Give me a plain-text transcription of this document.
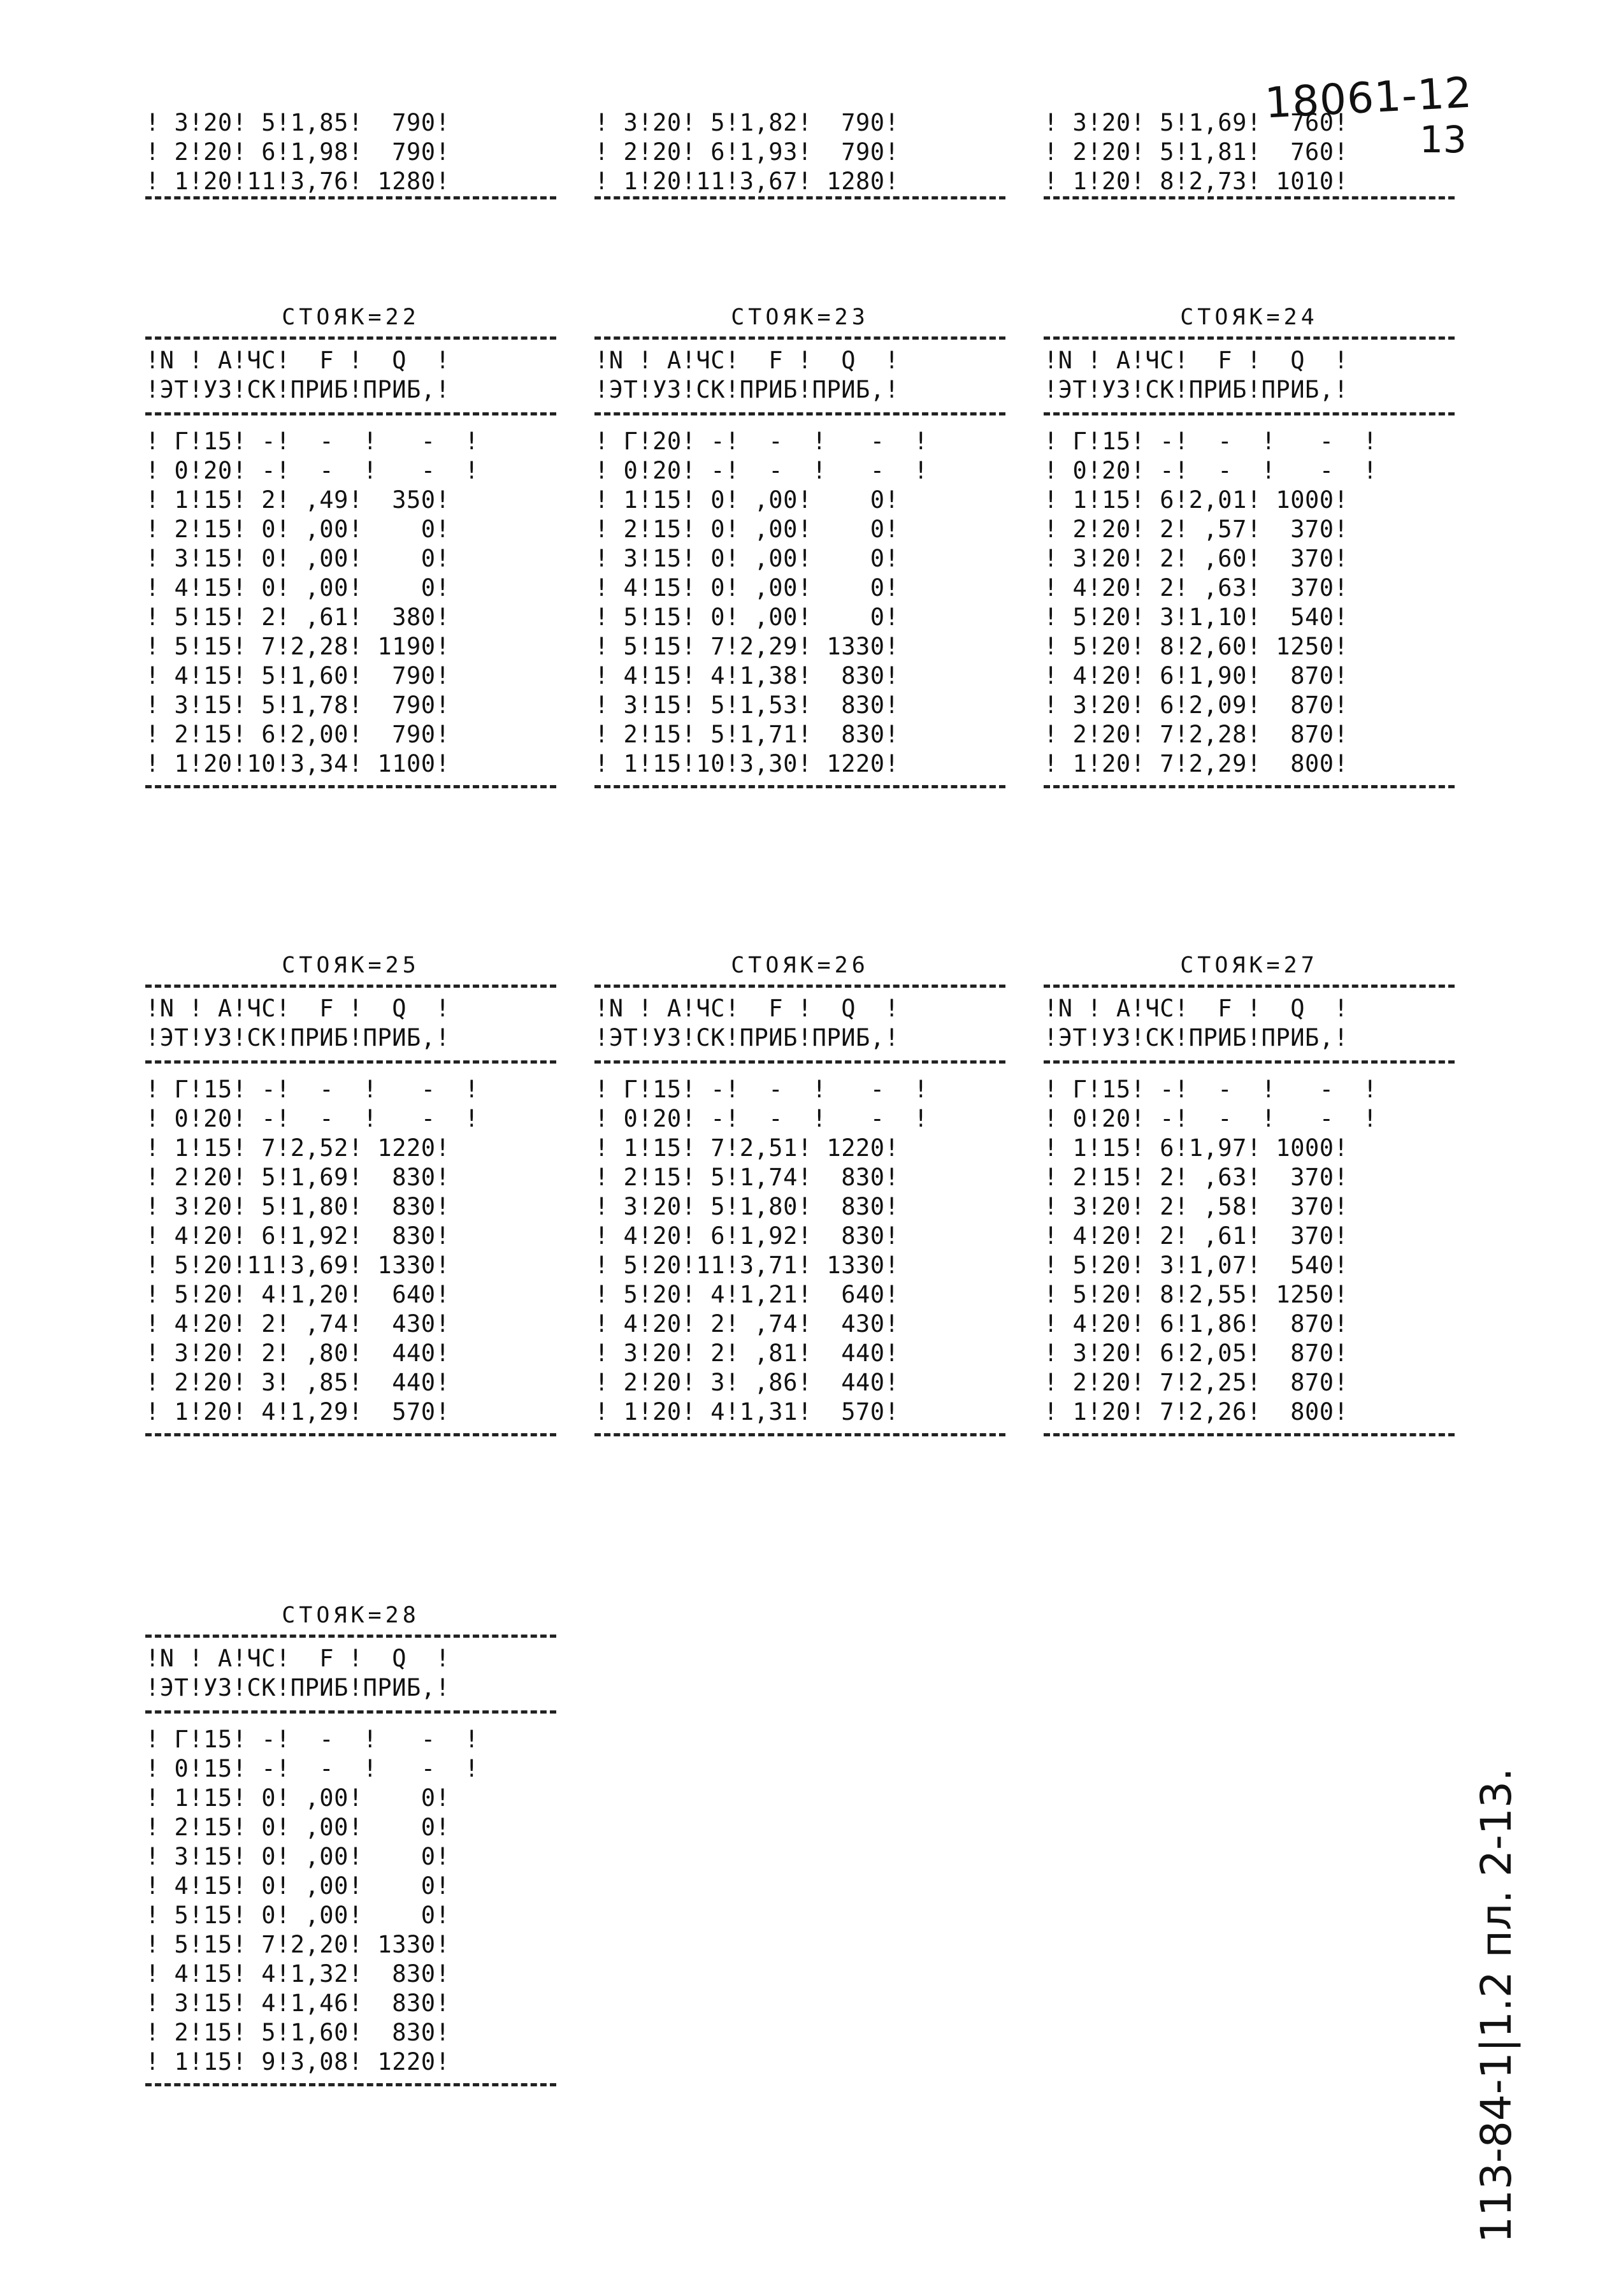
18061-12
13
113-84-1|1.2 пл. 2-13.
! 3!20! 5!1,85!  790!
! 2!20! 6!1,98!  790!
! 1!20!11!3,76! 1280!
! 3!20! 5!1,82!  790!
! 2!20! 6!1,93!  790!
! 1!20!11!3,67! 1280!
! 3!20! 5!1,69!  760!
! 2!20! 5!1,81!  760!
! 1!20! 8!2,73! 1010!
СТОЯК=22
!N ! А!ЧС!  F !  Q  !
!ЭТ!УЗ!СК!ПРИБ!ПРИБ,!
! Г!15! -!  -  !   -  !
! 0!20! -!  -  !   -  !
! 1!15! 2! ,49!  350!
! 2!15! 0! ,00!    0!
! 3!15! 0! ,00!    0!
! 4!15! 0! ,00!    0!
! 5!15! 2! ,61!  380!
! 5!15! 7!2,28! 1190!
! 4!15! 5!1,60!  790!
! 3!15! 5!1,78!  790!
! 2!15! 6!2,00!  790!
! 1!20!10!3,34! 1100!
СТОЯК=23
!N ! А!ЧС!  F !  Q  !
!ЭТ!УЗ!СК!ПРИБ!ПРИБ,!
! Г!20! -!  -  !   -  !
! 0!20! -!  -  !   -  !
! 1!15! 0! ,00!    0!
! 2!15! 0! ,00!    0!
! 3!15! 0! ,00!    0!
! 4!15! 0! ,00!    0!
! 5!15! 0! ,00!    0!
! 5!15! 7!2,29! 1330!
! 4!15! 4!1,38!  830!
! 3!15! 5!1,53!  830!
! 2!15! 5!1,71!  830!
! 1!15!10!3,30! 1220!
СТОЯК=24
!N ! А!ЧС!  F !  Q  !
!ЭТ!УЗ!СК!ПРИБ!ПРИБ,!
! Г!15! -!  -  !   -  !
! 0!20! -!  -  !   -  !
! 1!15! 6!2,01! 1000!
! 2!20! 2! ,57!  370!
! 3!20! 2! ,60!  370!
! 4!20! 2! ,63!  370!
! 5!20! 3!1,10!  540!
! 5!20! 8!2,60! 1250!
! 4!20! 6!1,90!  870!
! 3!20! 6!2,09!  870!
! 2!20! 7!2,28!  870!
! 1!20! 7!2,29!  800!
СТОЯК=25
!N ! А!ЧС!  F !  Q  !
!ЭТ!УЗ!СК!ПРИБ!ПРИБ,!
! Г!15! -!  -  !   -  !
! 0!20! -!  -  !   -  !
! 1!15! 7!2,52! 1220!
! 2!20! 5!1,69!  830!
! 3!20! 5!1,80!  830!
! 4!20! 6!1,92!  830!
! 5!20!11!3,69! 1330!
! 5!20! 4!1,20!  640!
! 4!20! 2! ,74!  430!
! 3!20! 2! ,80!  440!
! 2!20! 3! ,85!  440!
! 1!20! 4!1,29!  570!
СТОЯК=26
!N ! А!ЧС!  F !  Q  !
!ЭТ!УЗ!СК!ПРИБ!ПРИБ,!
! Г!15! -!  -  !   -  !
! 0!20! -!  -  !   -  !
! 1!15! 7!2,51! 1220!
! 2!15! 5!1,74!  830!
! 3!20! 5!1,80!  830!
! 4!20! 6!1,92!  830!
! 5!20!11!3,71! 1330!
! 5!20! 4!1,21!  640!
! 4!20! 2! ,74!  430!
! 3!20! 2! ,81!  440!
! 2!20! 3! ,86!  440!
! 1!20! 4!1,31!  570!
СТОЯК=27
!N ! А!ЧС!  F !  Q  !
!ЭТ!УЗ!СК!ПРИБ!ПРИБ,!
! Г!15! -!  -  !   -  !
! 0!20! -!  -  !   -  !
! 1!15! 6!1,97! 1000!
! 2!15! 2! ,63!  370!
! 3!20! 2! ,58!  370!
! 4!20! 2! ,61!  370!
! 5!20! 3!1,07!  540!
! 5!20! 8!2,55! 1250!
! 4!20! 6!1,86!  870!
! 3!20! 6!2,05!  870!
! 2!20! 7!2,25!  870!
! 1!20! 7!2,26!  800!
СТОЯК=28
!N ! А!ЧС!  F !  Q  !
!ЭТ!УЗ!СК!ПРИБ!ПРИБ,!
! Г!15! -!  -  !   -  !
! 0!15! -!  -  !   -  !
! 1!15! 0! ,00!    0!
! 2!15! 0! ,00!    0!
! 3!15! 0! ,00!    0!
! 4!15! 0! ,00!    0!
! 5!15! 0! ,00!    0!
! 5!15! 7!2,20! 1330!
! 4!15! 4!1,32!  830!
! 3!15! 4!1,46!  830!
! 2!15! 5!1,60!  830!
! 1!15! 9!3,08! 1220!
